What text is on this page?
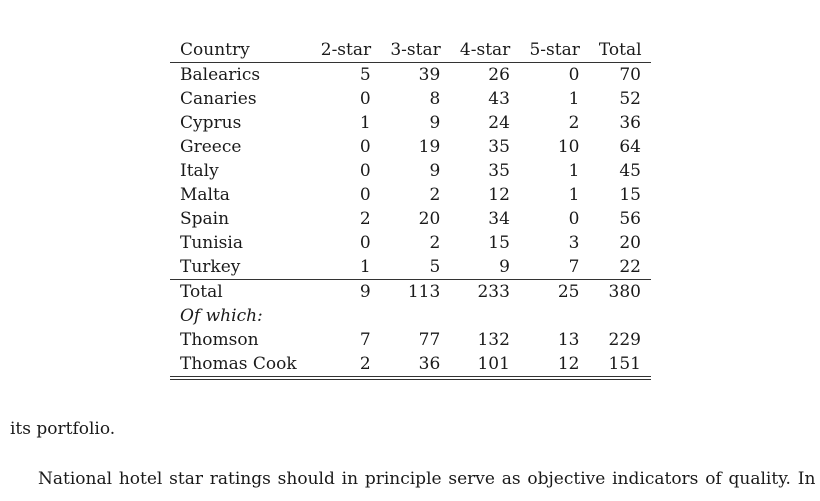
Country	2-star	3-star	4-star	5-star	Total
Balearics	5	39	26	0	70
Canaries	0	8	43	1	52
Cyprus	1	9	24	2	36
Greece	0	19	35	10	64
Italy	0	9	35	1	45
Malta	0	2	12	1	15
Spain	2	20	34	0	56
Tunisia	0	2	15	3	20
Turkey	1	5	9	7	22
Total	9	113	233	25	380
Of which:					
Thomson	7	77	132	13	229
Thomas Cook	2	36	101	12	151

its portfolio.

National hotel star ratings should in principle serve as objective indicators of quality. In
